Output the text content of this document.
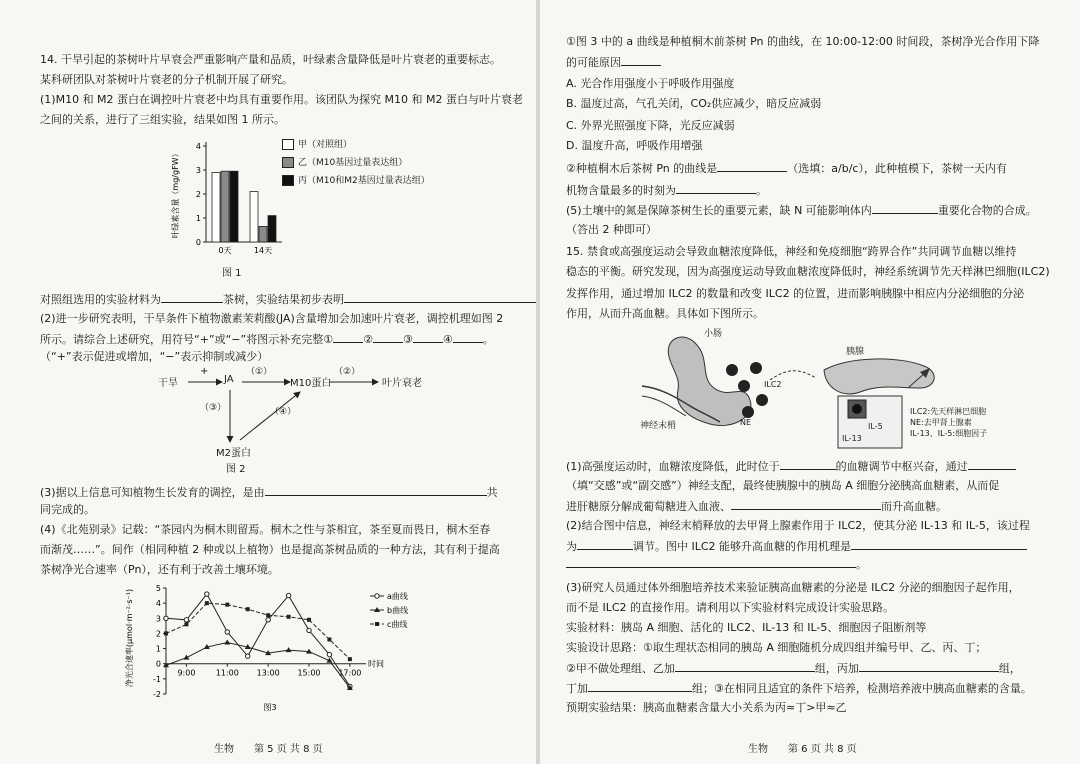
14. 干旱引起的茶树叶片早衰会严重影响产量和品质，叶绿素含量降低是叶片衰老的重要标志。
某科研团队对茶树叶片衰老的分子机制开展了研究。
(1)M10 和 M2 蛋白在调控叶片衰老中均具有重要作用。该团队为探究 M10 和 M2 蛋白与叶片衰老
之间的关系，进行了三组实验，结果如图 1 所示。
叶绿素含量（mg/gFW）
0
1
2
3
4
0天	14天
甲（对照组）
乙（M10基因过量表达组）
丙（M10和M2基因过量表达组）
图 1
对照组选用的实验材料为	茶树，实验结果初步表明
(2)进一步研究表明，干旱条件下植物激素茉莉酸(JA)含量增加会加速叶片衰老，调控机理如图 2
所示。请综合上述研究，用符号“+”或“−”将图示补充完整①	②	③	④	。
（“+”表示促进或增加，“−”表示抑制或减少）
干旱
+
JA
（①）
M10蛋白
（②）
叶片衰老
（③）	（④）
M2蛋白
图 2
(3)据以上信息可知植物生长发育的调控，是由	共
同完成的。
(4)《北苑别录》记载：“茶园内为桐木則留焉。桐木之性与茶相宜，茶至夏而畏日，桐木至春
而渐茂……”。间作（相同种植 2 种或以上植物）也是提高茶树品质的一种方法，其有利于提高
茶树净光合速率（Pn），还有利于改善土壤环境。
净光合速率(μmol·m⁻²·s⁻¹)	时间
-2
-1
0
1
2
3
4
5
9:00	11:00 13:00 15:00 17:00
a曲线
b曲线
c曲线
图3
生物　　第 5 页 共 8 页
①图 3 中的 a 曲线是种植桐木前茶树 Pn 的曲线，在 10:00-12:00 时间段，茶树净光合作用下降
的可能原因
A. 光合作用强度小于呼吸作用强度
B. 温度过高，气孔关闭，CO₂供应减少，暗反应减弱
C. 外界光照强度下降，光反应减弱
D. 温度升高，呼吸作用增强
②种植桐木后茶树 Pn 的曲线是	（选填：a/b/c），此种植模下，茶树一天内有
机物含量最多的时刻为	。
(5)土壤中的氮是保障茶树生长的重要元素，缺 N 可能影响体内	重要化合物的合成。
（答出 2 种即可）
15. 禁食或高强度运动会导致血糖浓度降低，神经和免疫细胞“跨界合作”共同调节血糖以维持
稳态的平衡。研究发现，因为高强度运动导致血糖浓度降低时，神经系统调节先天样淋巴细胞(ILC2)
发挥作用，通过增加 ILC2 的数量和改变 ILC2 的位置，进而影响胰腺中相应内分泌细胞的分泌
作用，从而升高血糖。具体如下图所示。
小肠
胰腺
ILC2
NE
神经末梢	IL-5
IL-13
ILC2:先天样淋巴细胞
NE:去甲肾上腺素
IL-13、IL-5:细胞因子
(1)高强度运动时，血糖浓度降低，此时位于	的血糖调节中枢兴奋，通过
（填“交感”或“副交感”）神经支配，最终使胰腺中的胰岛 A 细胞分泌胰高血糖素，从而促
进肝糖原分解成葡萄糖进入血液、	而升高血糖。
(2)结合图中信息，神经末梢释放的去甲肾上腺素作用于 ILC2，使其分泌 IL-13 和 IL-5，该过程
为	调节。图中 ILC2 能够升高血糖的作用机理是
。
(3)研究人员通过体外细胞培养技术来验证胰高血糖素的分泌是 ILC2 分泌的细胞因子起作用，
而不是 ILC2 的直接作用。请利用以下实验材料完成设计实验思路。
实验材料：胰岛 A 细胞、活化的 ILC2、IL-13 和 IL-5、细胞因子阻断剂等
实验设计思路：①取生理状态相同的胰岛 A 细胞随机分成四组并编号甲、乙、丙、丁；
②甲不做处理组、乙加	组，丙加	组，
丁加	组；③在相同且适宜的条件下培养，检测培养液中胰高血糖素的含量。
预期实验结果：胰高血糖素含量大小关系为丙≈丁>甲≈乙
生物　　第 6 页 共 8 页
